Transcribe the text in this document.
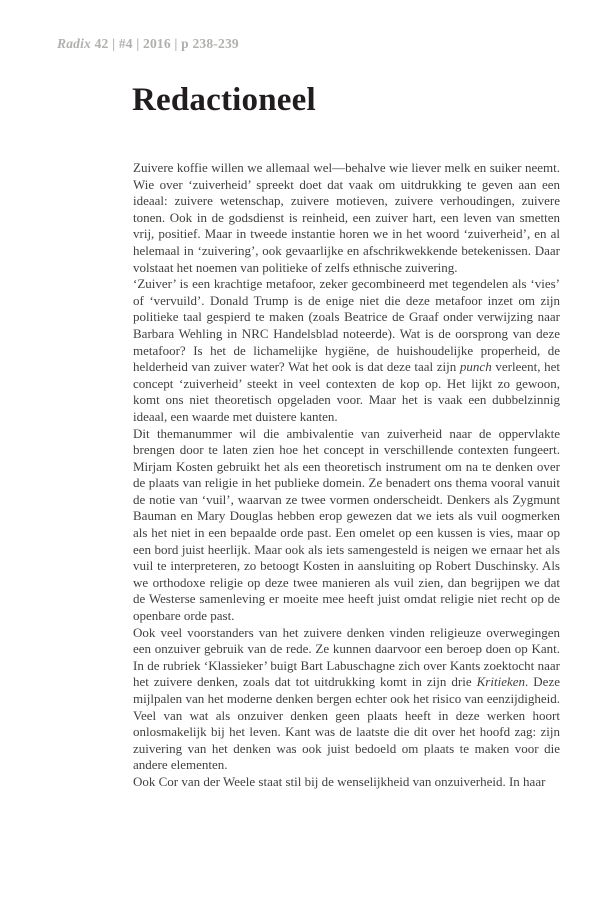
Radix 42 | #4 | 2016 | p 238-239
Redactioneel

Zuivere koffie willen we allemaal wel—behalve wie liever melk en suiker neemt. Wie over ‘zuiverheid’ spreekt doet dat vaak om uitdrukking te geven aan een ideaal: zuivere wetenschap, zuivere motieven, zuivere verhoudingen, zuivere tonen. Ook in de godsdienst is reinheid, een zuiver hart, een leven van smetten vrij, positief. Maar in tweede instantie horen we in het woord ‘zuiverheid’, en al helemaal in ‘zuivering’, ook gevaarlijke en afschrikwekkende betekenissen. Daar volstaat het noemen van politieke of zelfs ethnische zuivering.

‘Zuiver’ is een krachtige metafoor, zeker gecombineerd met tegendelen als ‘vies’ of ‘vervuild’. Donald Trump is de enige niet die deze metafoor inzet om zijn politieke taal gespierd te maken (zoals Beatrice de Graaf onder verwijzing naar Barbara Wehling in NRC Handelsblad noteerde). Wat is de oorsprong van deze metafoor? Is het de lichamelijke hygiëne, de huishoudelijke properheid, de helderheid van zuiver water? Wat het ook is dat deze taal zijn punch verleent, het concept ‘zuiverheid’ steekt in veel contexten de kop op. Het lijkt zo gewoon, komt ons niet theoretisch opgeladen voor. Maar het is vaak een dubbelzinnig ideaal, een waarde met duistere kanten.

Dit themanummer wil die ambivalentie van zuiverheid naar de oppervlakte brengen door te laten zien hoe het concept in verschillende contexten fungeert. Mirjam Kosten gebruikt het als een theoretisch instrument om na te denken over de plaats van religie in het publieke domein. Ze benadert ons thema vooral vanuit de notie van ‘vuil’, waarvan ze twee vormen onderscheidt. Denkers als Zygmunt Bauman en Mary Douglas hebben erop gewezen dat we iets als vuil oogmerken als het niet in een bepaalde orde past. Een omelet op een kussen is vies, maar op een bord juist heerlijk. Maar ook als iets samengesteld is neigen we ernaar het als vuil te interpreteren, zo betoogt Kosten in aansluiting op Robert Duschinsky. Als we orthodoxe religie op deze twee manieren als vuil zien, dan begrijpen we dat de Westerse samenleving er moeite mee heeft juist omdat religie niet recht op de openbare orde past.

Ook veel voorstanders van het zuivere denken vinden religieuze overwegingen een onzuiver gebruik van de rede. Ze kunnen daarvoor een beroep doen op Kant. In de rubriek ‘Klassieker’ buigt Bart Labuschagne zich over Kants zoektocht naar het zuivere denken, zoals dat tot uitdrukking komt in zijn drie Kritieken. Deze mijlpalen van het moderne denken bergen echter ook het risico van eenzijdigheid. Veel van wat als onzuiver denken geen plaats heeft in deze werken hoort onlosmakelijk bij het leven. Kant was de laatste die dit over het hoofd zag: zijn zuivering van het denken was ook juist bedoeld om plaats te maken voor die andere elementen.

Ook Cor van der Weele staat stil bij de wenselijkheid van onzuiverheid. In haar
